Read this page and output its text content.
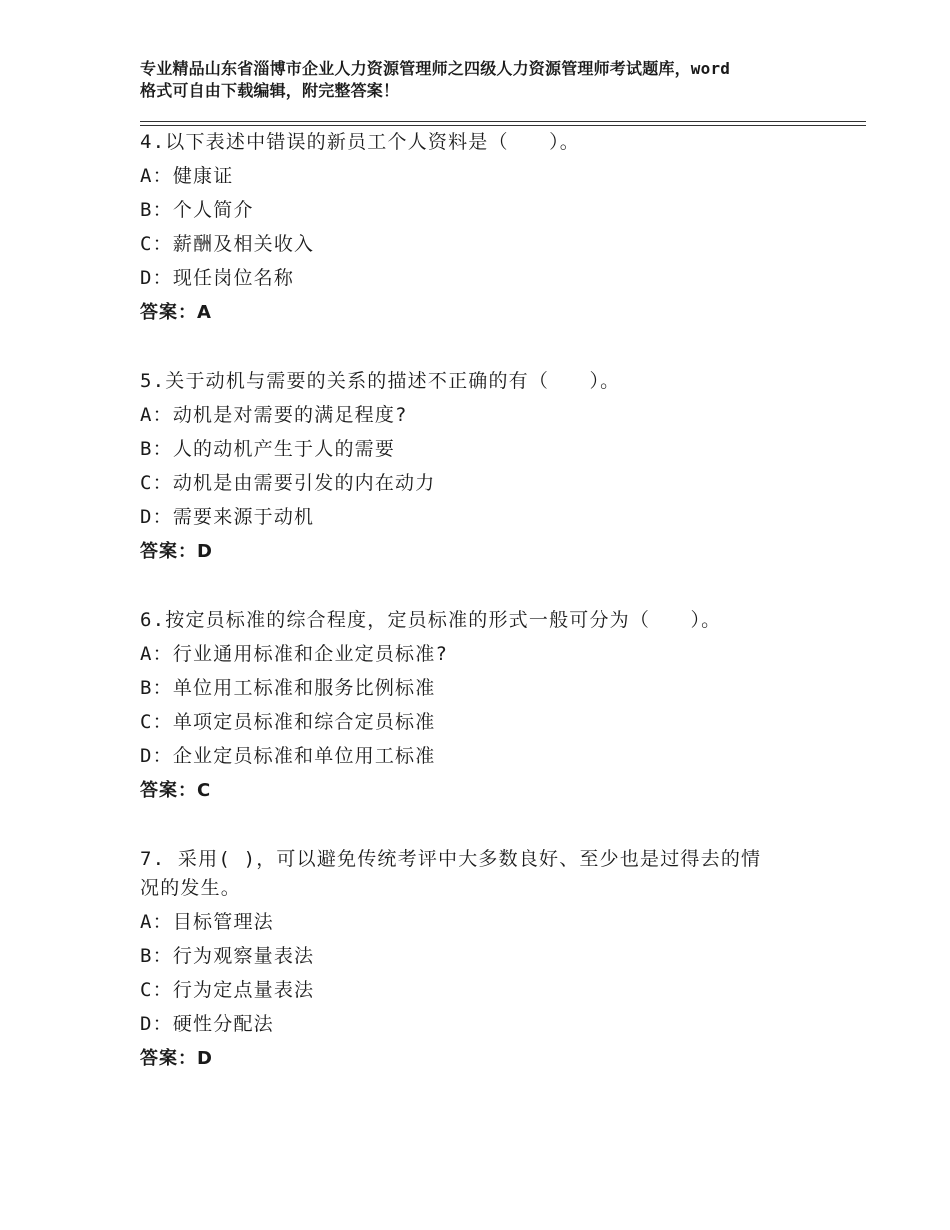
专业精品山东省淄博市企业人力资源管理师之四级人力资源管理师考试题库，word
格式可自由下载编辑，附完整答案！
4.以下表述中错误的新员工个人资料是（　　）。
A：健康证
B：个人简介
C：薪酬及相关收入
D：现任岗位名称
答案：A
5.关于动机与需要的关系的描述不正确的有（　　）。
A：动机是对需要的满足程度?
B：人的动机产生于人的需要
C：动机是由需要引发的内在动力
D：需要来源于动机
答案：D
6.按定员标准的综合程度，定员标准的形式一般可分为（　　）。
A：行业通用标准和企业定员标准?
B：单位用工标准和服务比例标准
C：单项定员标准和综合定员标准
D：企业定员标准和单位用工标准
答案：C
7. 采用( )，可以避免传统考评中大多数良好、至少也是过得去的情
况的发生。
A：目标管理法
B：行为观察量表法
C：行为定点量表法
D：硬性分配法
答案：D
